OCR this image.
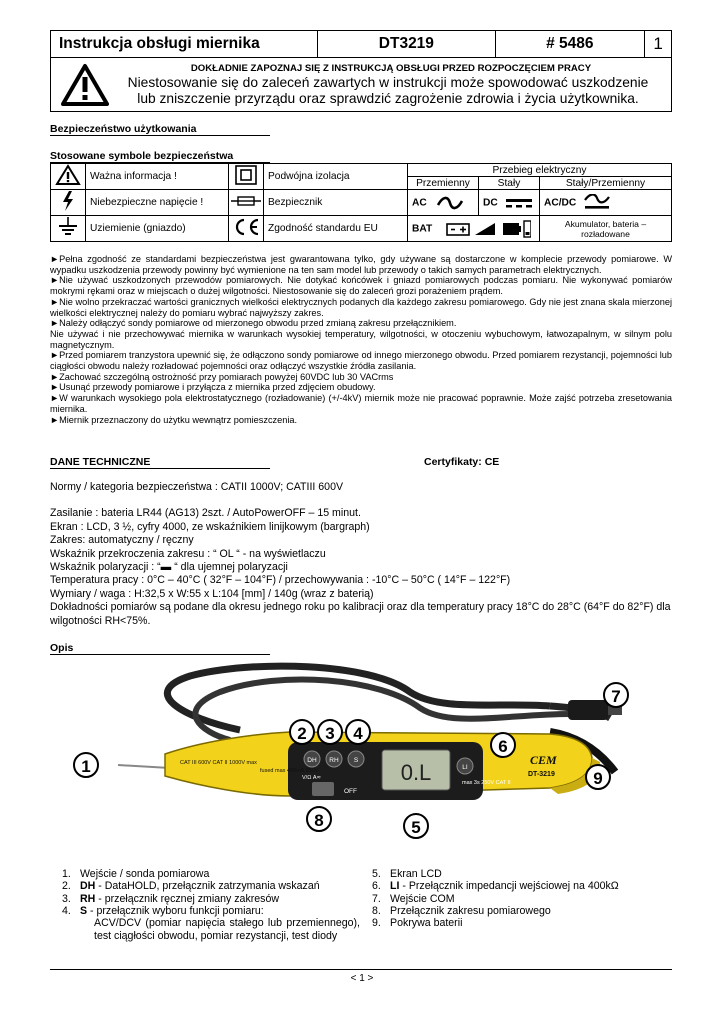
Instrukcja obsługi miernika	DT3219	# 5486	1
DOKŁADNIE ZAPOZNAJ SIĘ Z INSTRUKCJĄ OBSŁUGI PRZED ROZPOCZĘCIEM PRACY
Niestosowanie się do zaleceń zawartych w instrukcji może spowodować uszkodzenie
lub zniszczenie przyrządu oraz sprawdzić zagrożenie zdrowia i życia użytkownika.
Bezpieczeństwo użytkowania
Stosowane symbole bezpieczeństwa
	Ważna informacja !		Podwójna izolacja	Przebieg elektryczny		
				Przemienny	Stały	Stały/Przemienny
	Niebezpieczne napięcie !		Bezpiecznik	AC	DC	AC/DC
	Uziemienie (gniazdo)		Zgodność standardu EU	BAT		Akumulator, bateria – rozładowane
►Pełna zgodność ze standardami bezpieczeństwa jest gwarantowana tylko, gdy używane są dostarczone w komplecie przewody pomiarowe. W wypadku uszkodzenia przewody powinny być wymienione na ten sam model lub przewody o takich samych parametrach elektrycznych.
►Nie używać uszkodzonych przewodów pomiarowych. Nie dotykać końcówek i gniazd pomiarowych podczas pomiaru. Nie wykonywać pomiarów mokrymi rękami oraz w miejscach o dużej wilgotności. Niestosowanie się do zaleceń grozi porażeniem prądem.
►Nie wolno przekraczać wartości granicznych wielkości elektrycznych podanych dla każdego zakresu pomiarowego. Gdy nie jest znana skala mierzonej wielkości elektrycznej należy do pomiaru wybrać najwyższy zakres.
►Należy odłączyć sondy pomiarowe od mierzonego obwodu przed zmianą zakresu przełącznikiem.
Nie używać i nie przechowywać miernika w warunkach wysokiej temperatury, wilgotności, w otoczeniu wybuchowym, łatwozapalnym, w silnym polu magnetycznym.
►Przed pomiarem tranzystora upewnić się, że odłączono sondy pomiarowe od innego mierzonego obwodu. Przed pomiarem rezystancji, pojemności lub ciągłości obwodu należy rozładować pojemności oraz odłączyć wszystkie źródła zasilania.
►Zachować szczególną ostrożność przy pomiarach powyżej 60VDC lub 30 VACrms
►Usunąć przewody pomiarowe i przyłącza z miernika przed zdjęciem obudowy.
►W warunkach wysokiego pola elektrostatycznego (rozładowanie) (+/-4kV) miernik może nie pracować poprawnie. Może zajść potrzeba zresetowania miernika.
►Miernik przeznaczony do użytku wewnątrz pomieszczenia.
DANE TECHNICZNE	Certyfikaty: CE
Normy / kategoria bezpieczeństwa : CATII 1000V; CATIII 600V
Zasilanie : bateria LR44 (AG13) 2szt. / AutoPowerOFF – 15 minut.
Ekran : LCD, 3 ½, cyfry 4000, ze wskaźnikiem linijkowym (bargraph)
Zakres: automatyczny / ręczny
Wskaźnik przekroczenia zakresu : “ OL “ - na wyświetlaczu
Wskaźnik polaryzacji : “▬ “ dla ujemnej polaryzacji
Temperatura pracy : 0°C – 40°C ( 32°F – 104°F) / przechowywania : -10°C – 50°C ( 14°F – 122°F)
Wymiary / waga : H:32,5 x W:55 x L:104 [mm] / 140g (wraz z baterią)
Dokładności pomiarów są podane dla okresu jednego roku po kalibracji oraz dla temperatury pracy 18°C do 28°C (64°F do 82°F) dla wilgotności RH<75%.
Opis
0.L
DH RH S
LI
OFF
V/Ω A≂
fused max 400mA 250V
max 3s 250V CAT II
CAT III 600V CAT II 1000V max	CEM
DT-3219
1
2	3	4
5
6
7
8
9
1. Wejście / sonda pomiarowa
2. DH - DataHOLD, przełącznik zatrzymania wskazań
3. RH - przełącznik ręcznej zmiany zakresów
4. S - przełącznik wyboru funkcji pomiaru:
ACV/DCV (pomiar napięcia stałego lub przemiennego), test ciągłości obwodu, pomiar rezystancji, test diody
5. Ekran LCD
6. LI - Przełącznik impedancji wejściowej na 400kΩ
7. Wejście COM
8. Przełącznik zakresu pomiarowego
9. Pokrywa baterii
< 1 >
